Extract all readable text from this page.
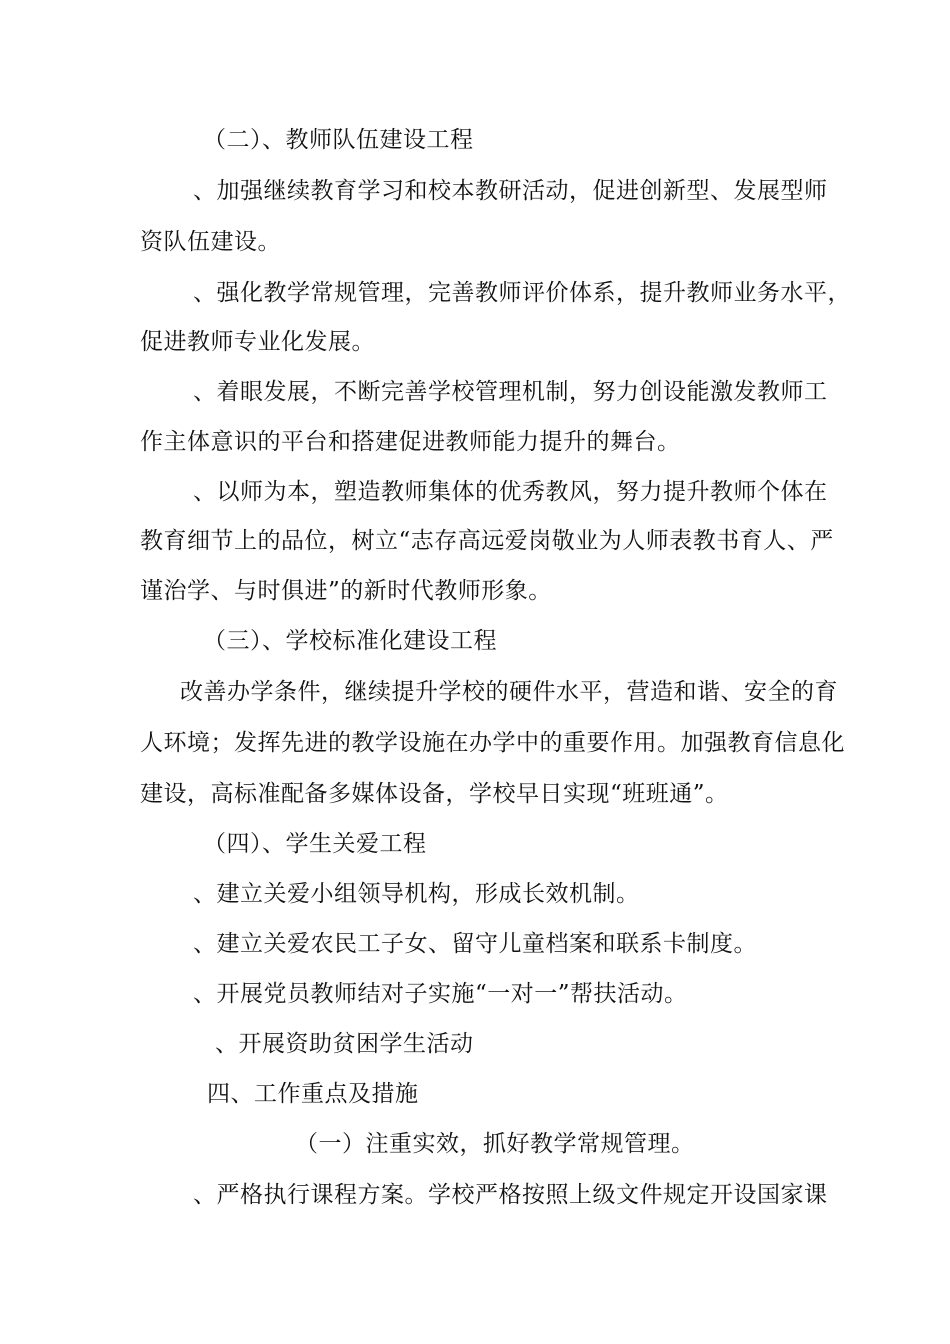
（二）、教师队伍建设工程
、加强继续教育学习和校本教研活动，促进创新型、发展型师
资队伍建设。
、强化教学常规管理，完善教师评价体系，提升教师业务水平，
促进教师专业化发展。
、着眼发展，不断完善学校管理机制，努力创设能激发教师工
作主体意识的平台和搭建促进教师能力提升的舞台。
、以师为本，塑造教师集体的优秀教风，努力提升教师个体在
教育细节上的品位，树立“志存高远爱岗敬业为人师表教书育人、严
谨治学、与时俱进”的新时代教师形象。
（三）、学校标准化建设工程
改善办学条件，继续提升学校的硬件水平，营造和谐、安全的育
人环境；发挥先进的教学设施在办学中的重要作用。加强教育信息化
建设，高标准配备多媒体设备，学校早日实现“班班通”。
（四）、学生关爱工程
、建立关爱小组领导机构，形成长效机制。
、建立关爱农民工子女、留守儿童档案和联系卡制度。
、开展党员教师结对子实施“一对一”帮扶活动。
、开展资助贫困学生活动
四、工作重点及措施
（一）注重实效，抓好教学常规管理。
、严格执行课程方案。学校严格按照上级文件规定开设国家课
